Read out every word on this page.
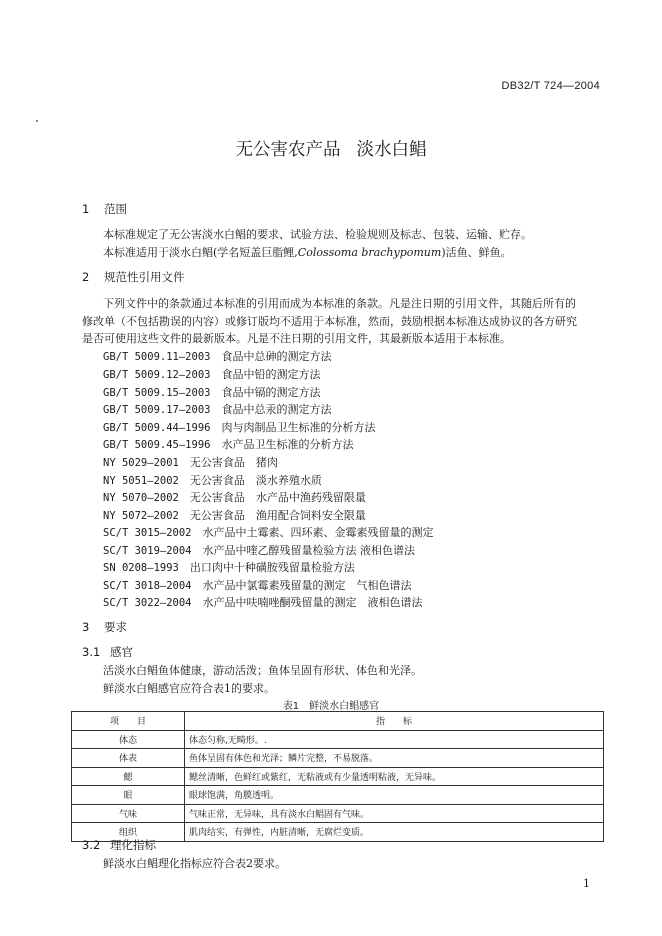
DB32/T 724—2004
无公害农产品 淡水白鲳
1 范围
本标准规定了无公害淡水白鲳的要求、试验方法、检验规则及标志、包装、运输、贮存。
本标准适用于淡水白鲳(学名短盖巨脂鲤,Colossoma brachypomum)活鱼、鲜鱼。
2 规范性引用文件
下列文件中的条款通过本标准的引用而成为本标准的条款。凡是注日期的引用文件，其随后所有的
修改单（不包括勘误的内容）或修订版均不适用于本标准，然而，鼓励根据本标准达成协议的各方研究
是否可使用这些文件的最新版本。凡是不注日期的引用文件，其最新版本适用于本标准。
GB/T 5009.11—2003　 食品中总砷的测定方法
GB/T 5009.12—2003　 食品中铅的测定方法
GB/T 5009.15—2003　 食品中镉的测定方法
GB/T 5009.17—2003　 食品中总汞的测定方法
GB/T 5009.44—1996　 肉与肉制品卫生标准的分析方法
GB/T 5009.45—1996　 水产品卫生标准的分析方法
NY 5029—2001　 无公害食品　猪肉
NY 5051—2002　 无公害食品　淡水养殖水质
NY 5070—2002　 无公害食品　水产品中渔药残留限量
NY 5072—2002　 无公害食品　渔用配合饲料安全限量
SC/T 3015—2002　 水产品中土霉素、四环素、金霉素残留量的测定
SC/T 3019—2004　 水产品中喹乙醇残留量检验方法 液相色谱法
SN 0208—1993　 出口肉中十种磺胺残留量检验方法
SC/T 3018—2004　 水产品中氯霉素残留量的测定　气相色谱法
SC/T 3022—2004　 水产品中呋喃唑酮残留量的测定　液相色谱法
3 要求
3.1 感官
活淡水白鲳鱼体健康，游动活泼；鱼体呈固有形状、体色和光泽。
鲜淡水白鲳感官应符合表1的要求。
表1　鲜淡水白鲳感官
项　　目	指　　标
体态	体态匀称,无畸形。.
体表	鱼体呈固有体色和光泽；鳞片完整，不易脱落。
鳃	鳃丝清晰，色鲜红或紫红，无粘液或有少量透明粘液，无异味。
眼	眼球饱满，角膜透明。
气味	气味正常，无异味，具有淡水白鲳固有气味。
组织	肌肉结实，有弹性，内脏清晰，无腐烂变质。
3.2 理化指标
鲜淡水白鲳理化指标应符合表2要求。
1
